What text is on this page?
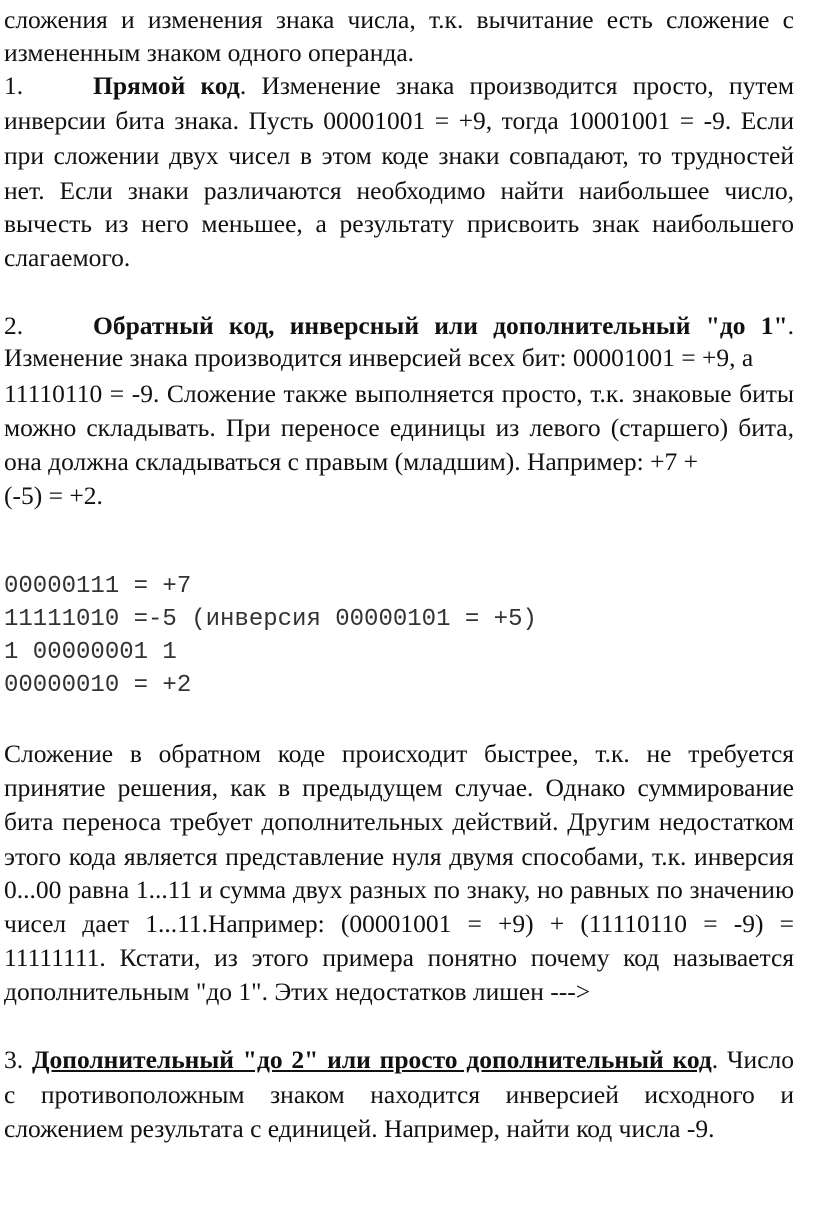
сложения и изменения знака числа, т.к. вычитание есть сложение с
измененным знаком одного операнда.
1.	Прямой код. Изменение знака производится просто, путем
инверсии бита знака. Пусть 00001001 = +9, тогда 10001001 = -9. Если
при сложении двух чисел в этом коде знаки совпадают, то трудностей
нет. Если знаки различаются необходимо найти наибольшее число,
вычесть из него меньшее, а результату присвоить знак наибольшего
слагаемого.
2.	Обратный код, инверсный или дополнительный "до 1".
Изменение знака производится инверсией всех бит: 00001001 = +9, а
11110110 = -9. Сложение также выполняется просто, т.к. знаковые биты
можно складывать. При переносе единицы из левого (старшего) бита,
она должна складываться с правым (младшим). Например: +7 +
(-5) = +2.
00000111 = +7
11111010 =-5 (инверсия 00000101 = +5)
1 00000001 1
00000010 = +2
Сложение в обратном коде происходит быстрее, т.к. не требуется
принятие решения, как в предыдущем случае. Однако суммирование
бита переноса требует дополнительных действий. Другим недостатком
этого кода является представление нуля двумя способами, т.к. инверсия
0...00 равна 1...11 и сумма двух разных по знаку, но равных по значению
чисел дает 1...11.Например: (00001001 = +9) + (11110110 = -9) =
11111111. Кстати, из этого примера понятно почему код называется
дополнительным "до 1". Этих недостатков лишен --->
3. Дополнительный "до 2" или просто дополнительный код. Число
с противоположным знаком находится инверсией исходного и
сложением результата с единицей. Например, найти код числа -9.
